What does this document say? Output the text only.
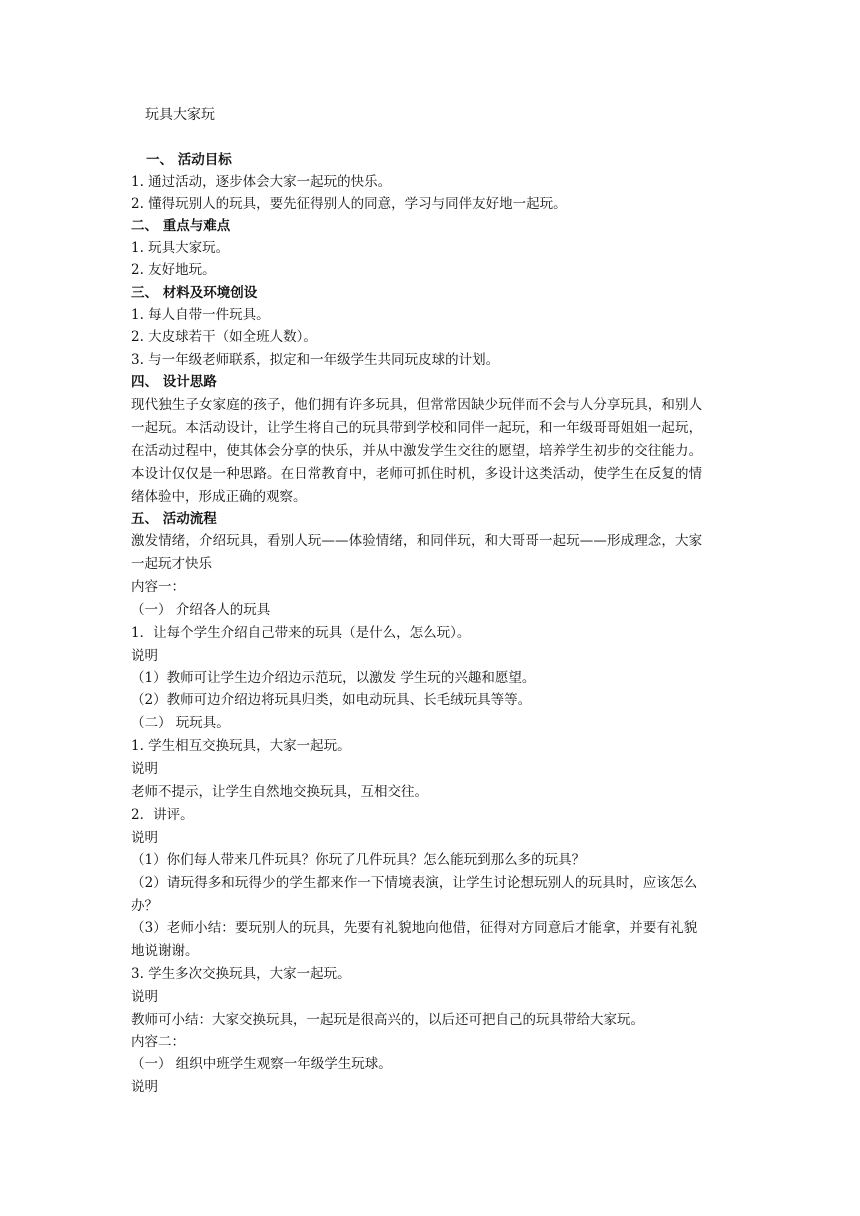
玩具大家玩
一、 活动目标
1. 通过活动，逐步体会大家一起玩的快乐。
2. 懂得玩别人的玩具，要先征得别人的同意，学习与同伴友好地一起玩。
二、 重点与难点
1. 玩具大家玩。
2. 友好地玩。
三、 材料及环境创设
1. 每人自带一件玩具。
2. 大皮球若干（如全班人数）。
3. 与一年级老师联系，拟定和一年级学生共同玩皮球的计划。
四、 设计思路
现代独生子女家庭的孩子，他们拥有许多玩具，但常常因缺少玩伴而不会与人分享玩具，和别人
一起玩。本活动设计，让学生将自己的玩具带到学校和同伴一起玩，和一年级哥哥姐姐一起玩，
在活动过程中，使其体会分享的快乐，并从中激发学生交往的愿望，培养学生初步的交往能力。
本设计仅仅是一种思路。在日常教育中，老师可抓住时机，多设计这类活动，使学生在反复的情
绪体验中，形成正确的观察。
五、 活动流程
激发情绪，介绍玩具，看别人玩——体验情绪，和同伴玩，和大哥哥一起玩——形成理念，大家
一起玩才快乐
内容一：
（一） 介绍各人的玩具
1．让每个学生介绍自己带来的玩具（是什么，怎么玩）。
说明
（1）教师可让学生边介绍边示范玩，以激发 学生玩的兴趣和愿望。
（2）教师可边介绍边将玩具归类，如电动玩具、长毛绒玩具等等。
（二） 玩玩具。
1. 学生相互交换玩具，大家一起玩。
说明
老师不提示，让学生自然地交换玩具，互相交往。
2．讲评。
说明
（1）你们每人带来几件玩具？你玩了几件玩具？怎么能玩到那么多的玩具？
（2）请玩得多和玩得少的学生都来作一下情境表演，让学生讨论想玩别人的玩具时，应该怎么
办？
（3）老师小结：要玩别人的玩具，先要有礼貌地向他借，征得对方同意后才能拿，并要有礼貌
地说谢谢。
3. 学生多次交换玩具，大家一起玩。
说明
教师可小结：大家交换玩具，一起玩是很高兴的，以后还可把自己的玩具带给大家玩。
内容二：
（一） 组织中班学生观察一年级学生玩球。
说明
